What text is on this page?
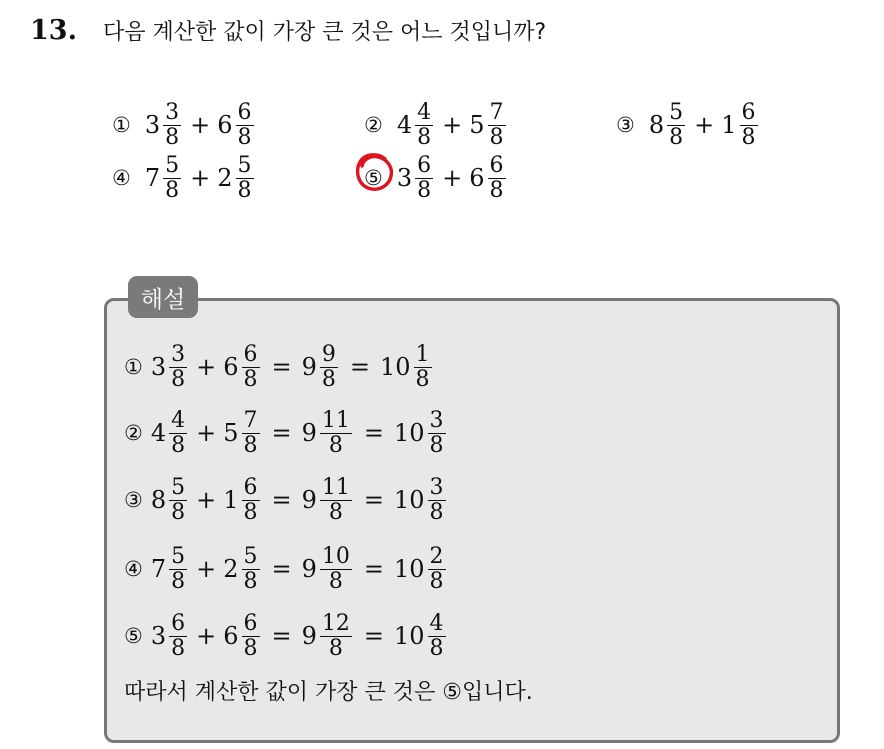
13. 다음 계산한 값이 가장 큰 것은 어느 것입니까?
① $3 \frac{3}{8} + 6 \frac{6}{8}$	② $4 \frac{4}{8} + 5 \frac{7}{8}$	③ $8 \frac{5}{8} + 1 \frac{6}{8}$
④ $7 \frac{5}{8} + 2 \frac{5}{8}$	⑤ $3 \frac{6}{8} + 6 \frac{6}{8}$
해설
① $3 \frac{3}{8} + 6 \frac{6}{8} = 9 \frac{9}{8} = 10 \frac{1}{8}$
② $4 \frac{4}{8} + 5 \frac{7}{8} = 9 \frac{11}{8} = 10 \frac{3}{8}$
③ $8 \frac{5}{8} + 1 \frac{6}{8} = 9 \frac{11}{8} = 10 \frac{3}{8}$
④ $7 \frac{5}{8} + 2 \frac{5}{8} = 9 \frac{10}{8} = 10 \frac{2}{8}$
⑤ $3 \frac{6}{8} + 6 \frac{6}{8} = 9 \frac{12}{8} = 10 \frac{4}{8}$
따라서 계산한 값이 가장 큰 것은 ⑤입니다.
